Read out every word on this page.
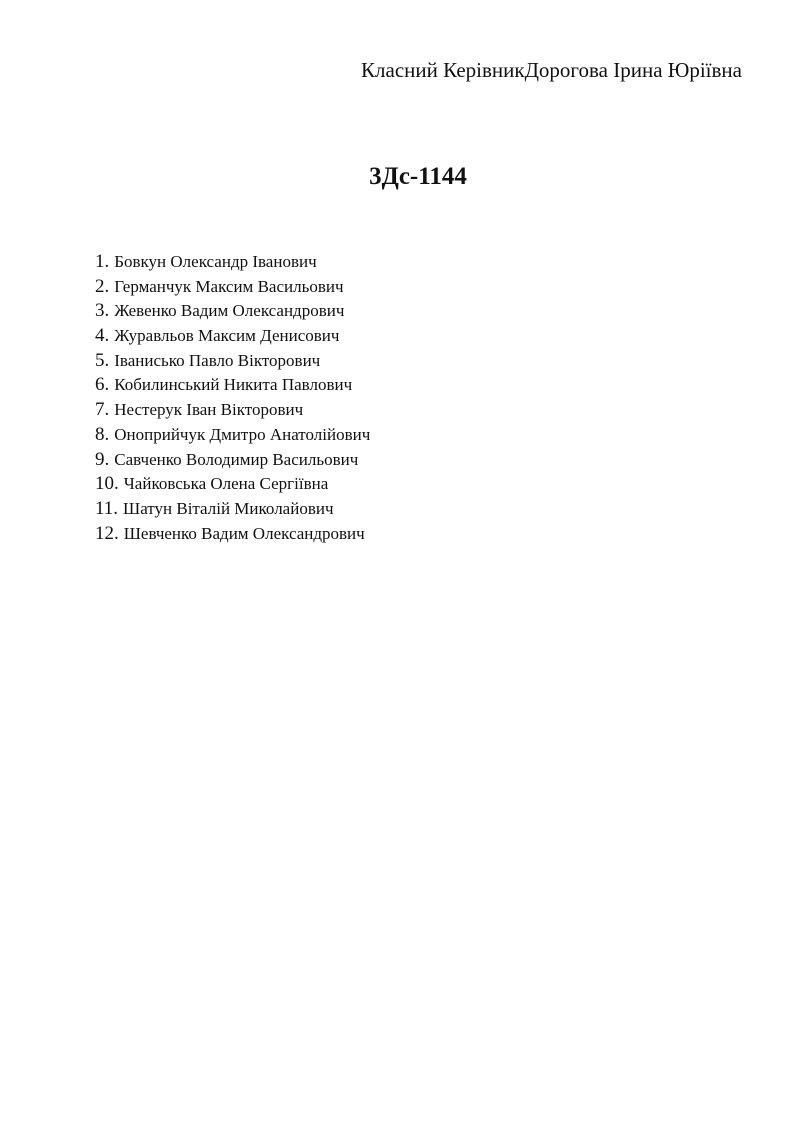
Класний КерівникДорогова Ірина Юріївна
3Дс-1144
1. Бовкун Олександр Іванович
2. Германчук Максим Васильович
3. Жевенко Вадим Олександрович
4. Журавльов Максим Денисович
5. Іванисько Павло Вікторович
6. Кобилинський Никита Павлович
7. Нестерук Іван Вікторович
8. Оноприйчук Дмитро Анатолійович
9. Савченко Володимир Васильович
10. Чайковська Олена Сергіївна
11. Шатун Віталій Миколайович
12. Шевченко Вадим Олександрович
